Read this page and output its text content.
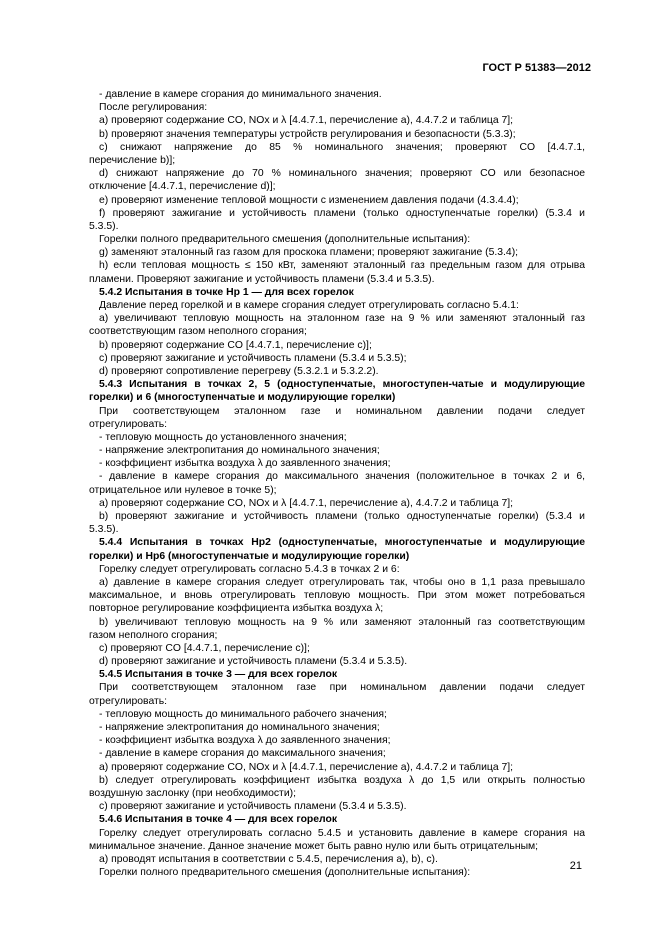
ГОСТ Р 51383—2012
- давление в камере сгорания до минимального значения.
После регулирования:
a) проверяют содержание CO, NOx и λ [4.4.7.1, перечисление a), 4.4.7.2 и таблица 7];
b) проверяют значения температуры устройств регулирования и безопасности (5.3.3);
c) снижают напряжение до 85 % номинального значения; проверяют CO [4.4.7.1,
перечисление b)];
d) снижают напряжение до 70 % номинального значения; проверяют CO или безопасное
отключение [4.4.7.1, перечисление d)];
e) проверяют изменение тепловой мощности с изменением давления подачи (4.3.4.4);
f) проверяют зажигание и устойчивость пламени (только одноступенчатые горелки) (5.3.4 и
5.3.5).
Горелки полного предварительного смешения (дополнительные испытания):
g) заменяют эталонный газ газом для проскока пламени; проверяют зажигание (5.3.4);
h) если тепловая мощность ≤ 150 кВт, заменяют эталонный газ предельным газом для отрыва
пламени. Проверяют зажигание и устойчивость пламени (5.3.4 и 5.3.5).
5.4.2 Испытания в точке Hp 1 — для всех горелок
Давление перед горелкой и в камере сгорания следует отрегулировать согласно 5.4.1:
a) увеличивают тепловую мощность на эталонном газе на 9 % или заменяют эталонный газ
соответствующим газом неполного сгорания;
b) проверяют содержание CO [4.4.7.1, перечисление c)];
c) проверяют зажигание и устойчивость пламени (5.3.4 и 5.3.5);
d) проверяют сопротивление перегреву (5.3.2.1 и 5.3.2.2).
5.4.3 Испытания в точках 2, 5 (одноступенчатые, многоступен-чатые и модулирующие
горелки) и 6 (многоступенчатые и модулирующие горелки)
При соответствующем эталонном газе и номинальном давлении подачи следует
отрегулировать:
- тепловую мощность до установленного значения;
- напряжение электропитания до номинального значения;
- коэффициент избытка воздуха λ до заявленного значения;
- давление в камере сгорания до максимального значения (положительное в точках 2 и 6,
отрицательное или нулевое в точке 5);
a) проверяют содержание CO, NOx и λ [4.4.7.1, перечисление a), 4.4.7.2 и таблица 7];
b) проверяют зажигание и устойчивость пламени (только одноступенчатые горелки) (5.3.4 и
5.3.5).
5.4.4 Испытания в точках Hp2 (одноступенчатые, многоступенчатые и модулирующие
горелки) и Hp6 (многоступенчатые и модулирующие горелки)
Горелку следует отрегулировать согласно 5.4.3 в точках 2 и 6:
a) давление в камере сгорания следует отрегулировать так, чтобы оно в 1,1 раза превышало
максимальное, и вновь отрегулировать тепловую мощность. При этом может потребоваться
повторное регулирование коэффициента избытка воздуха λ;
b) увеличивают тепловую мощность на 9 % или заменяют эталонный газ соответствующим
газом неполного сгорания;
c) проверяют CO [4.4.7.1, перечисление c)];
d) проверяют зажигание и устойчивость пламени (5.3.4 и 5.3.5).
5.4.5 Испытания в точке 3 — для всех горелок
При соответствующем эталонном газе при номинальном давлении подачи следует
отрегулировать:
- тепловую мощность до минимального рабочего значения;
- напряжение электропитания до номинального значения;
- коэффициент избытка воздуха λ до заявленного значения;
- давление в камере сгорания до максимального значения;
a) проверяют содержание CO, NOx и λ [4.4.7.1, перечисление a), 4.4.7.2 и таблица 7];
b) следует отрегулировать коэффициент избытка воздуха λ до 1,5 или открыть полностью
воздушную заслонку (при необходимости);
c) проверяют зажигание и устойчивость пламени (5.3.4 и 5.3.5).
5.4.6 Испытания в точке 4 — для всех горелок
Горелку следует отрегулировать согласно 5.4.5 и установить давление в камере сгорания на
минимальное значение. Данное значение может быть равно нулю или быть отрицательным;
a) проводят испытания в соответствии с 5.4.5, перечисления a), b), c).
Горелки полного предварительного смешения (дополнительные испытания):
21
